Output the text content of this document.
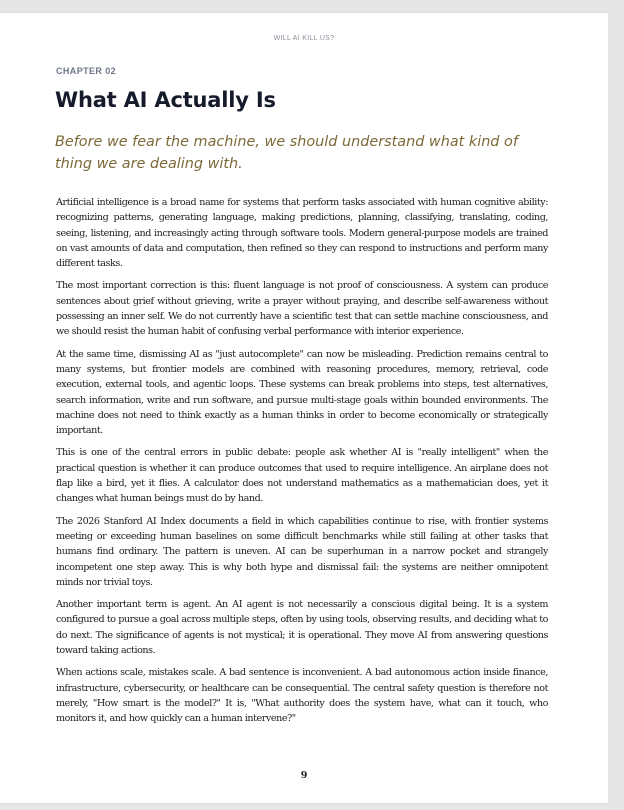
WILL AI KILL US?
CHAPTER 02
What AI Actually Is

Before we fear the machine, we should understand what kind of thing we are dealing with.

Artificial intelligence is a broad name for systems that perform tasks associated with human cognitive ability: recognizing patterns, generating language, making predictions, planning, classifying, translating, coding, seeing, listening, and increasingly acting through software tools. Modern general-purpose models are trained on vast amounts of data and computation, then refined so they can respond to instructions and perform many different tasks.

The most important correction is this: fluent language is not proof of consciousness. A system can produce sentences about grief without grieving, write a prayer without praying, and describe self-awareness without possessing an inner self. We do not currently have a scientific test that can settle machine consciousness, and we should resist the human habit of confusing verbal performance with interior experience.

At the same time, dismissing AI as "just autocomplete" can now be misleading. Prediction remains central to many systems, but frontier models are combined with reasoning procedures, memory, retrieval, code execution, external tools, and agentic loops. These systems can break problems into steps, test alternatives, search information, write and run software, and pursue multi-stage goals within bounded environments. The machine does not need to think exactly as a human thinks in order to become economically or strategically important.

This is one of the central errors in public debate: people ask whether AI is "really intelligent" when the practical question is whether it can produce outcomes that used to require intelligence. An airplane does not flap like a bird, yet it flies. A calculator does not understand mathematics as a mathematician does, yet it changes what human beings must do by hand.

The 2026 Stanford AI Index documents a field in which capabilities continue to rise, with frontier systems meeting or exceeding human baselines on some difficult benchmarks while still failing at other tasks that humans find ordinary. The pattern is uneven. AI can be superhuman in a narrow pocket and strangely incompetent one step away. This is why both hype and dismissal fail: the systems are neither omnipotent minds nor trivial toys.

Another important term is agent. An AI agent is not necessarily a conscious digital being. It is a system configured to pursue a goal across multiple steps, often by using tools, observing results, and deciding what to do next. The significance of agents is not mystical; it is operational. They move AI from answering questions toward taking actions.

When actions scale, mistakes scale. A bad sentence is inconvenient. A bad autonomous action inside finance, infrastructure, cybersecurity, or healthcare can be consequential. The central safety question is therefore not merely, "How smart is the model?" It is, "What authority does the system have, what can it touch, who monitors it, and how quickly can a human intervene?"

9
